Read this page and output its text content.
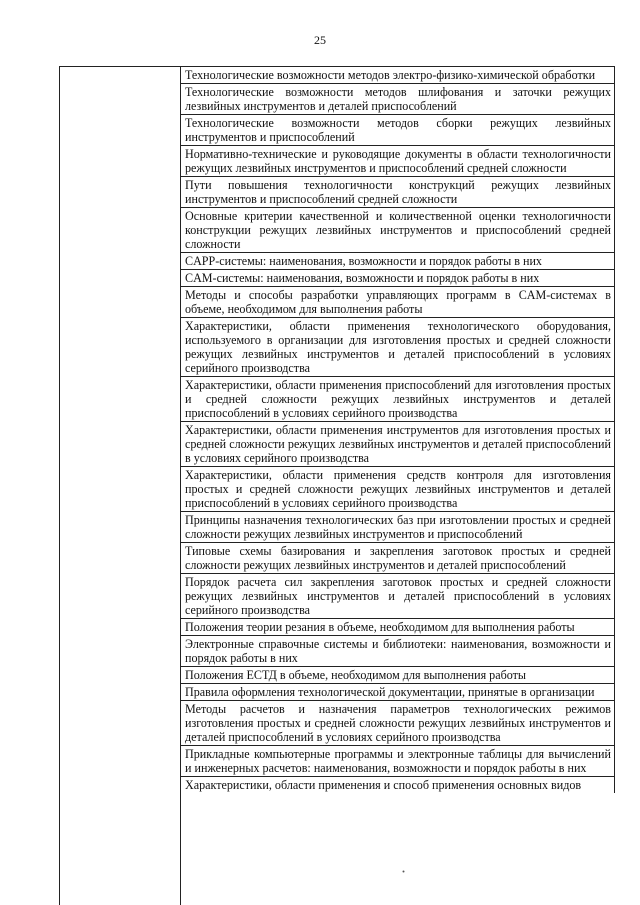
25
Технологические возможности методов электро-физико-химической обработки
Технологические возможности методов шлифования и заточки режущих лезвийных инструментов и деталей приспособлений
Технологические возможности методов сборки режущих лезвийных инструментов и приспособлений
Нормативно-технические и руководящие документы в области технологичности режущих лезвийных инструментов и приспособлений средней сложности
Пути повышения технологичности конструкций режущих лезвийных инструментов и приспособлений средней сложности
Основные критерии качественной и количественной оценки технологичности конструкции режущих лезвийных инструментов и приспособлений средней сложности
CAPP-системы: наименования, возможности и порядок работы в них
CAM-системы: наименования, возможности и порядок работы в них
Методы и способы разработки управляющих программ в CAM-системах в объеме, необходимом для выполнения работы
Характеристики, области применения технологического оборудования, используемого в организации для изготовления простых и средней сложности режущих лезвийных инструментов и деталей приспособлений в условиях серийного производства
Характеристики, области применения приспособлений для изготовления простых и средней сложности режущих лезвийных инструментов и деталей приспособлений в условиях серийного производства
Характеристики, области применения инструментов для изготовления простых и средней сложности режущих лезвийных инструментов и деталей приспособлений в условиях серийного производства
Характеристики, области применения средств контроля для изготовления простых и средней сложности режущих лезвийных инструментов и деталей приспособлений в условиях серийного производства
Принципы назначения технологических баз при изготовлении простых и средней сложности режущих лезвийных инструментов и приспособлений
Типовые схемы базирования и закрепления заготовок простых и средней сложности режущих лезвийных инструментов и деталей приспособлений
Порядок расчета сил закрепления заготовок простых и средней сложности режущих лезвийных инструментов и деталей приспособлений в условиях серийного производства
Положения теории резания в объеме, необходимом для выполнения работы
Электронные справочные системы и библиотеки: наименования, возможности и порядок работы в них
Положения ЕСТД в объеме, необходимом для выполнения работы
Правила оформления технологической документации, принятые в организации
Методы расчетов и назначения параметров технологических режимов изготовления простых и средней сложности режущих лезвийных инструментов и деталей приспособлений в условиях серийного производства
Прикладные компьютерные программы и электронные таблицы для вычислений и инженерных расчетов: наименования, возможности и порядок работы в них
Характеристики, области применения и способ применения основных видов
